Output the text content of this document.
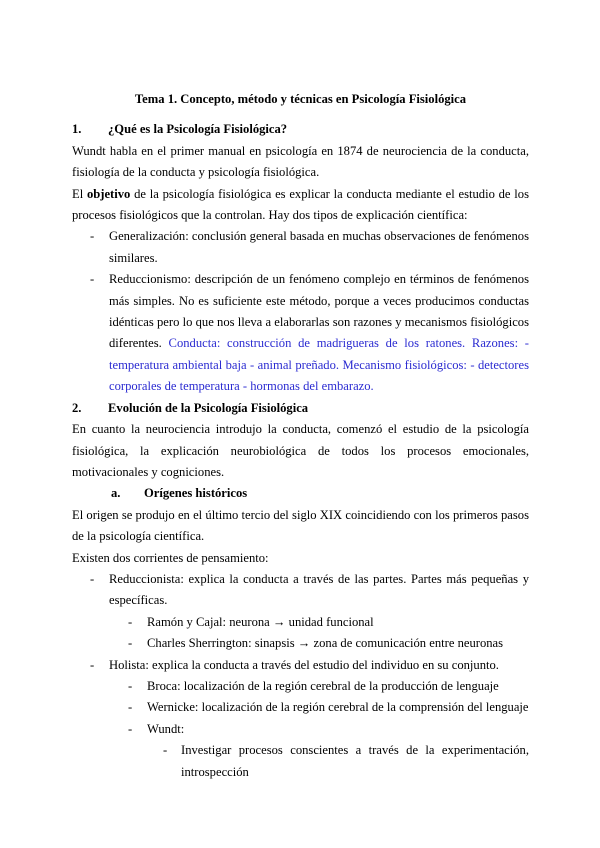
Tema 1. Concepto, método y técnicas en Psicología Fisiológica

1. ¿Qué es la Psicología Fisiológica?

Wundt habla en el primer manual en psicología en 1874 de neurociencia de la conducta, fisiología de la conducta y psicología fisiológica.

El objetivo de la psicología fisiológica es explicar la conducta mediante el estudio de los procesos fisiológicos que la controlan. Hay dos tipos de explicación científica:

- Generalización: conclusión general basada en muchas observaciones de fenómenos similares.

- Reduccionismo: descripción de un fenómeno complejo en términos de fenómenos más simples. No es suficiente este método, porque a veces producimos conductas idénticas pero lo que nos lleva a elaborarlas son razones y mecanismos fisiológicos diferentes. Conducta: construcción de madrigueras de los ratones. Razones: - temperatura ambiental baja - animal preñado. Mecanismo fisiológicos: - detectores corporales de temperatura - hormonas del embarazo.

2. Evolución de la Psicología Fisiológica

En cuanto la neurociencia introdujo la conducta, comenzó el estudio de la psicología fisiológica, la explicación neurobiológica de todos los procesos emocionales, motivacionales y cogniciones.

a. Orígenes históricos

El origen se produjo en el último tercio del siglo XIX coincidiendo con los primeros pasos de la psicología científica.

Existen dos corrientes de pensamiento:

- Reduccionista: explica la conducta a través de las partes. Partes más pequeñas y específicas.

- Ramón y Cajal: neurona → unidad funcional

- Charles Sherrington: sinapsis → zona de comunicación entre neuronas

- Holista: explica la conducta a través del estudio del individuo en su conjunto.

- Broca: localización de la región cerebral de la producción de lenguaje

- Wernicke: localización de la región cerebral de la comprensión del lenguaje

- Wundt:

- Investigar procesos conscientes a través de la experimentación, introspección
